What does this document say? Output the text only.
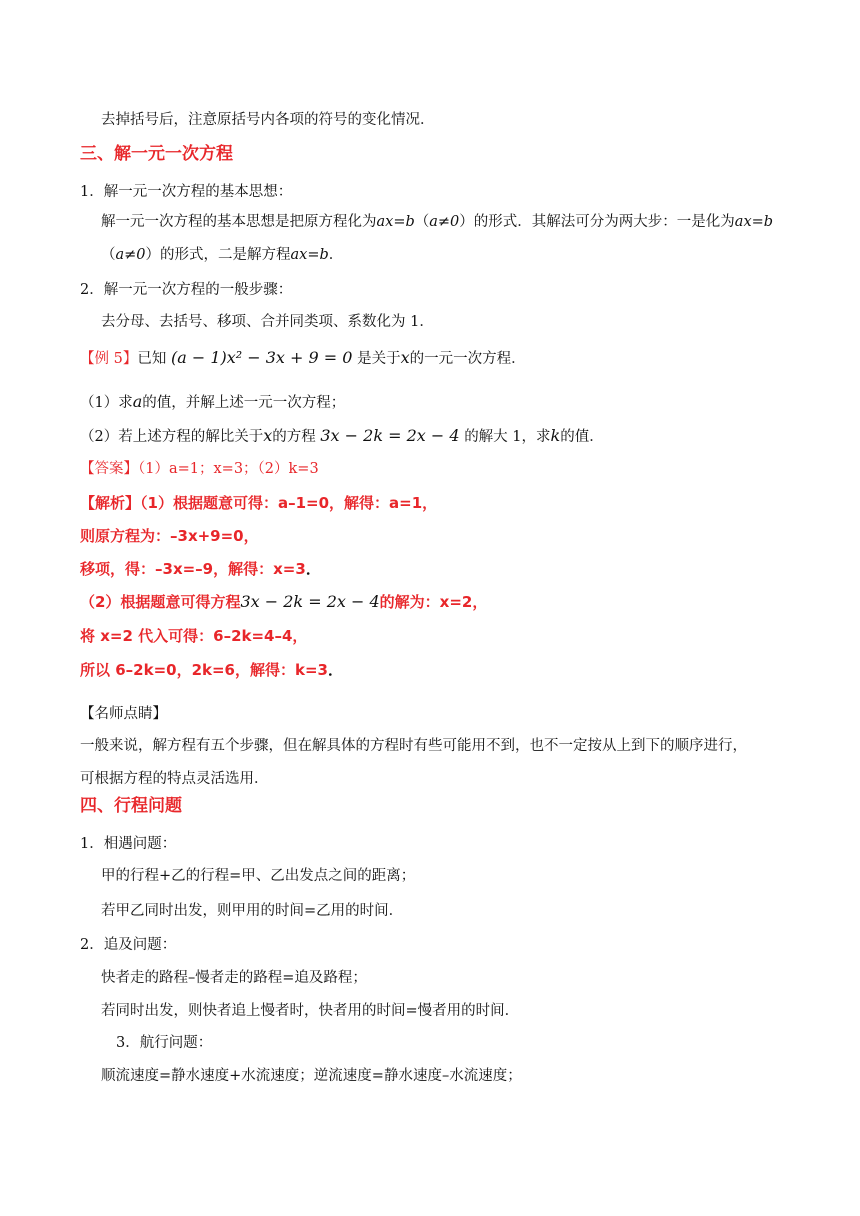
去掉括号后，注意原括号内各项的符号的变化情况．
三、解一元一次方程
1．解一元一次方程的基本思想：
解一元一次方程的基本思想是把原方程化为ax=b（a≠0）的形式．其解法可分为两大步：一是化为ax=b
（a≠0）的形式，二是解方程ax=b．
2．解一元一次方程的一般步骤：
去分母、去括号、移项、合并同类项、系数化为 1．
【例 5】已知 (a − 1)x² − 3x + 9 = 0 是关于x的一元一次方程．
（1）求a的值，并解上述一元一次方程；
（2）若上述方程的解比关于x的方程 3x − 2k = 2x − 4 的解大 1，求k的值．
【答案】（1）a=1；x=3；（2）k=3
【解析】（1）根据题意可得：a–1=0，解得：a=1，
则原方程为：–3x+9=0，
移项，得：–3x=–9，解得：x=3．
（2）根据题意可得方程3x − 2k = 2x − 4的解为：x=2，
将 x=2 代入可得：6–2k=4–4，
所以 6–2k=0，2k=6，解得：k=3．
【名师点睛】
一般来说，解方程有五个步骤，但在解具体的方程时有些可能用不到，也不一定按从上到下的顺序进行，
可根据方程的特点灵活选用．
四、行程问题
1．相遇问题：
甲的行程+乙的行程=甲、乙出发点之间的距离；
若甲乙同时出发，则甲用的时间=乙用的时间．
2．追及问题：
快者走的路程–慢者走的路程=追及路程；
若同时出发，则快者追上慢者时，快者用的时间=慢者用的时间．
3．航行问题：
顺流速度=静水速度+水流速度；逆流速度=静水速度–水流速度；
